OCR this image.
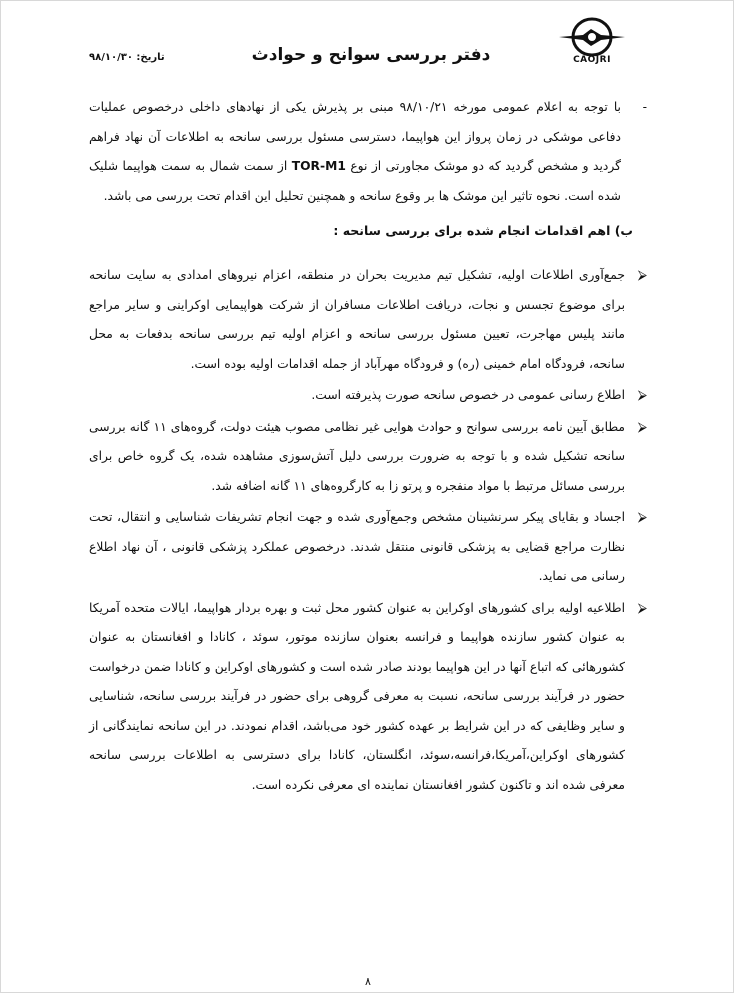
CAOJRI
دفتر بررسی سوانح و حوادث
تاریخ: ۹۸/۱۰/۳۰

-
با توجه به اعلام عمومی مورخه ۹۸/۱۰/۲۱ مبنی بر پذیرش یکی از نهادهای داخلی درخصوص عملیات دفاعی موشکی در زمان پرواز این هواپیما، دسترسی مسئول بررسی سانحه به اطلاعات آن نهاد فراهم گردید و مشخص گردید که دو موشک مجاورتی از نوع TOR-M1 از سمت شمال به سمت هواپیما شلیک شده است. نحوه تاثیر این موشک ها بر وقوع سانحه و همچنین تحلیل این اقدام تحت بررسی می باشد.

ب) اهم اقدامات انجام شده برای بررسی سانحه :

⮚
جمع‌آوری اطلاعات اولیه، تشکیل تیم مدیریت بحران در منطقه، اعزام نیروهای امدادی به سایت سانحه برای موضوع تجسس و نجات، دریافت اطلاعات مسافران از شرکت هواپیمایی اوکراینی و سایر مراجع مانند پلیس مهاجرت، تعیین مسئول بررسی سانحه و اعزام اولیه تیم بررسی سانحه بدفعات به محل سانحه، فرودگاه امام خمینی (ره) و فرودگاه مهرآباد از جمله اقدامات اولیه بوده است.

⮚
اطلاع رسانی عمومی در خصوص سانحه صورت پذیرفته است.

⮚
مطابق آیین نامه بررسی سوانح و حوادث هوایی غیر نظامی مصوب هیئت دولت، گروه‌های ۱۱ گانه بررسی سانحه تشکیل شده و با توجه به ضرورت بررسی دلیل آتش‌سوزی مشاهده شده، یک گروه خاص برای بررسی مسائل مرتبط با مواد منفجره و پرتو زا به کارگروه‌های ۱۱ گانه اضافه شد.

⮚
اجساد و بقایای پیکر سرنشینان مشخص وجمع‌آوری شده و جهت انجام تشریفات شناسایی و انتقال، تحت نظارت مراجع قضایی به پزشکی قانونی منتقل شدند. درخصوص عملکرد پزشکی قانونی ، آن نهاد اطلاع رسانی می نماید.

⮚
اطلاعیه اولیه برای کشورهای اوکراین به عنوان کشور محل ثبت و بهره بردار هواپیما، ایالات متحده آمریکا به عنوان کشور سازنده هواپیما و فرانسه بعنوان سازنده موتور، سوئد ، کانادا و افغانستان به عنوان کشورهائی که اتباع آنها در این هواپیما بودند صادر شده است و کشورهای اوکراین و کانادا ضمن درخواست حضور در فرآیند بررسی سانحه، نسبت به معرفی گروهی برای حضور در فرآیند بررسی سانحه، شناسایی و سایر وظایفی که در این شرایط بر عهده کشور خود می‌باشد، اقدام نمودند. در این سانحه نمایندگانی از کشورهای اوکراین،آمریکا،فرانسه،سوئد، انگلستان، کانادا برای دسترسی به اطلاعات بررسی سانحه معرفی شده اند و تاکنون کشور افغانستان نماینده ای معرفی نکرده است.

۸
